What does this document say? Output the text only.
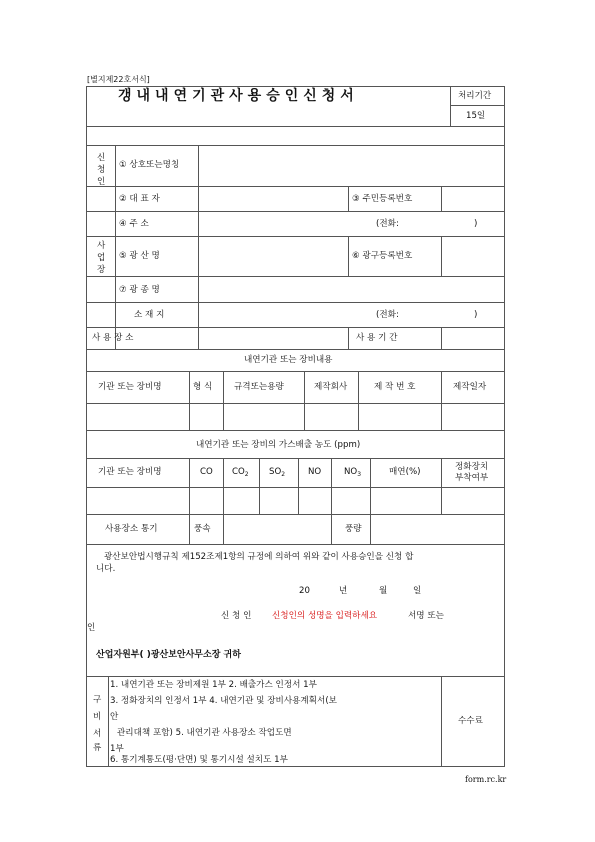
[별지제22호서식]
갱내내연기관사용승인신청서	처리기간
15일
신
청
인
① 상호또는명칭
② 대 표 자	③ 주민등록번호
④ 주 소	(전화:	)
사
업
장
⑤ 광 산 명	⑥ 광구등록번호
⑦ 광 종 명
소 재 지	(전화:	)
사 용 장 소	사 용 기 간
내연기관 또는 장비내용
기관 또는 장비명	형 식	규격또는용량	제작회사	제 작 번 호	제작일자
내연기관 또는 장비의 가스배출 농도 (ppm)
기관 또는 장비명	CO $CO_2$ $SO_2$	NO	$NO_3$	매연(%)	정화장치
부착여부
사용장소 통기	풍속	풍량
광산보안법시행규칙 제152조제1항의 규정에 의하여 위와 같이 사용승인을 신청 합
니다.
20	년	월	일
신 청 인 신청인의 성명을 입력하세요	서명 또는
인
산업자원부( )광산보안사무소장 귀하
구
비
서
류
1. 내연기관 또는 장비제원 1부 2. 배출가스 인정서 1부
3. 정화장치의 인정서 1부 4. 내연기관 및 장비사용계획서(보
안
관리대책 포함) 5. 내연기관 사용장소 작업도면
1부
6. 통기계통도(평·단면) 및 통기시설 설치도 1부
수수료
form.rc.kr
